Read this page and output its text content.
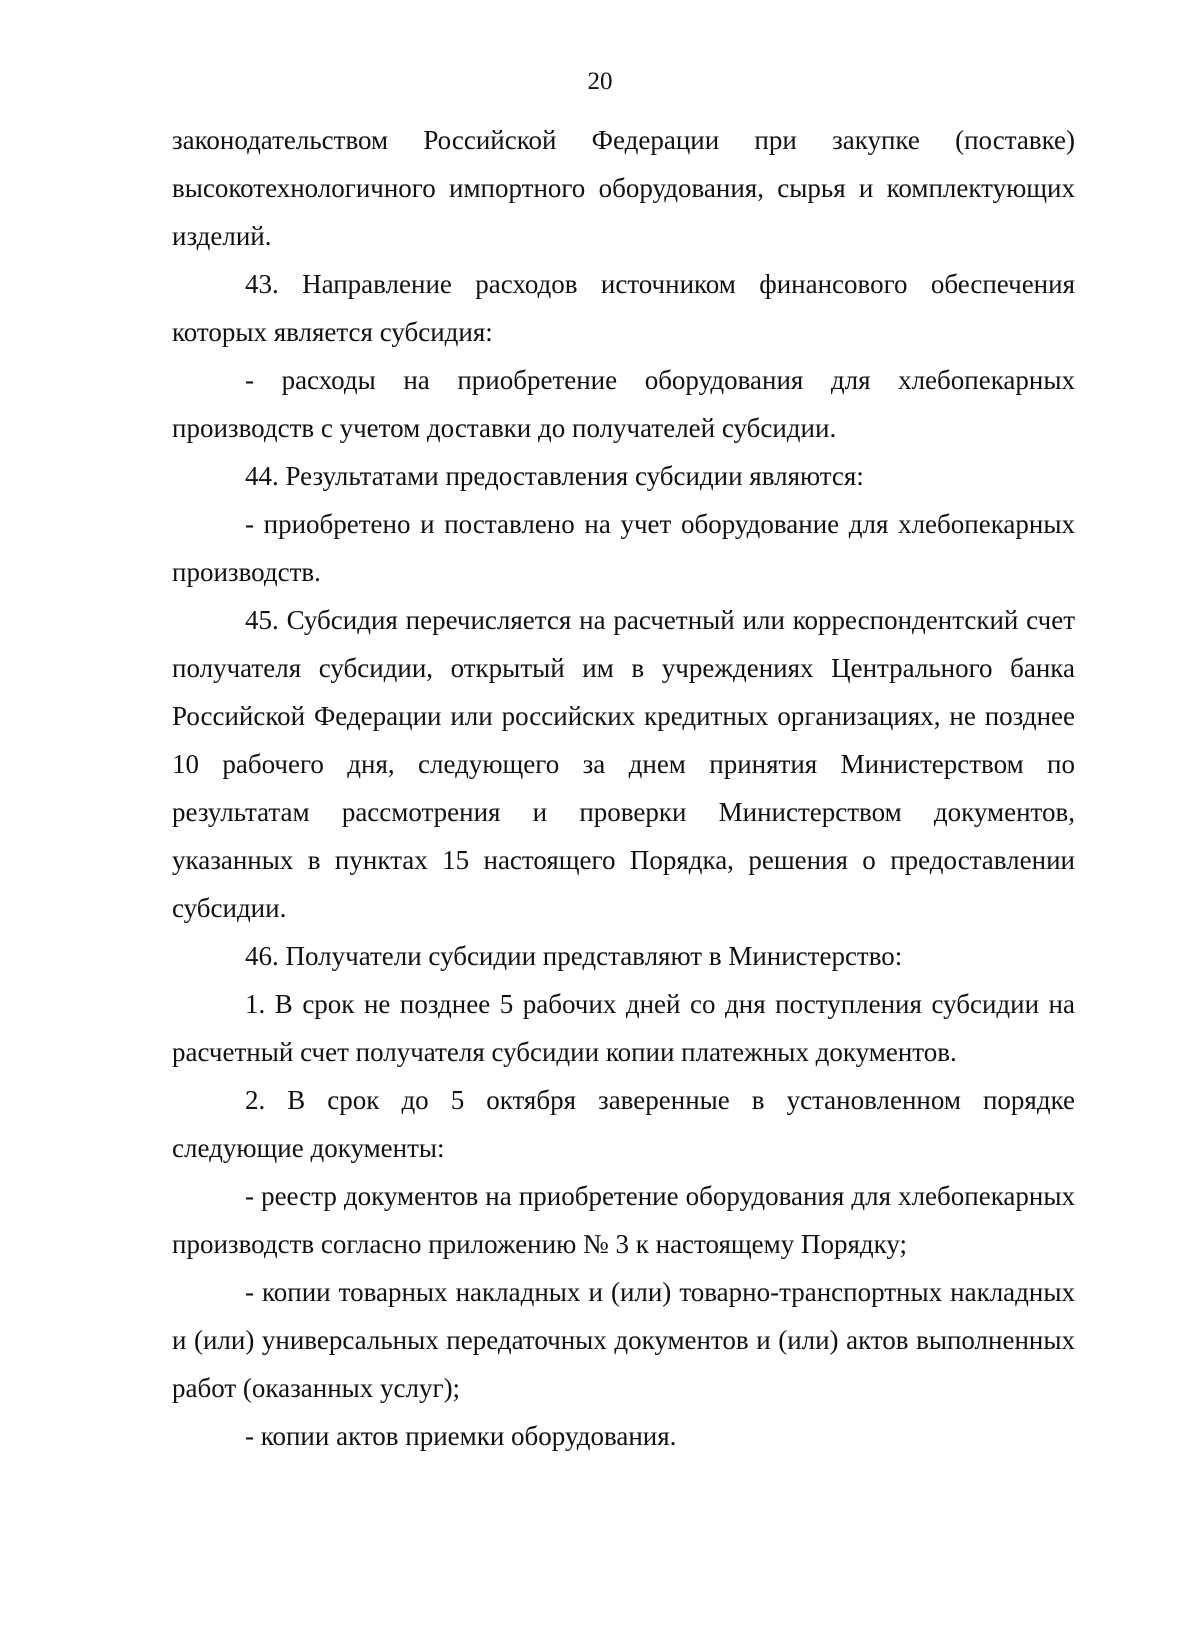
20

законодательством Российской Федерации при закупке (поставке) высокотехнологичного импортного оборудования, сырья и комплектующих изделий.

43. Направление расходов источником финансового обеспечения которых является субсидия:

- расходы на приобретение оборудования для хлебопекарных производств с учетом доставки до получателей субсидии.

44. Результатами предоставления субсидии являются:

- приобретено и поставлено на учет оборудование для хлебопекарных производств.

45. Субсидия перечисляется на расчетный или корреспондентский счет получателя субсидии, открытый им в учреждениях Центрального банка Российской Федерации или российских кредитных организациях, не позднее 10 рабочего дня, следующего за днем принятия Министерством по результатам рассмотрения и проверки Министерством документов, указанных в пунктах 15 настоящего Порядка, решения о предоставлении субсидии.

46. Получатели субсидии представляют в Министерство:

1. В срок не позднее 5 рабочих дней со дня поступления субсидии на расчетный счет получателя субсидии копии платежных документов.

2. В срок до 5 октября заверенные в установленном порядке следующие документы:

- реестр документов на приобретение оборудования для хлебопекарных производств согласно приложению № 3 к настоящему Порядку;

- копии товарных накладных и (или) товарно-транспортных накладных и (или) универсальных передаточных документов и (или) актов выполненных работ (оказанных услуг);

- копии актов приемки оборудования.
